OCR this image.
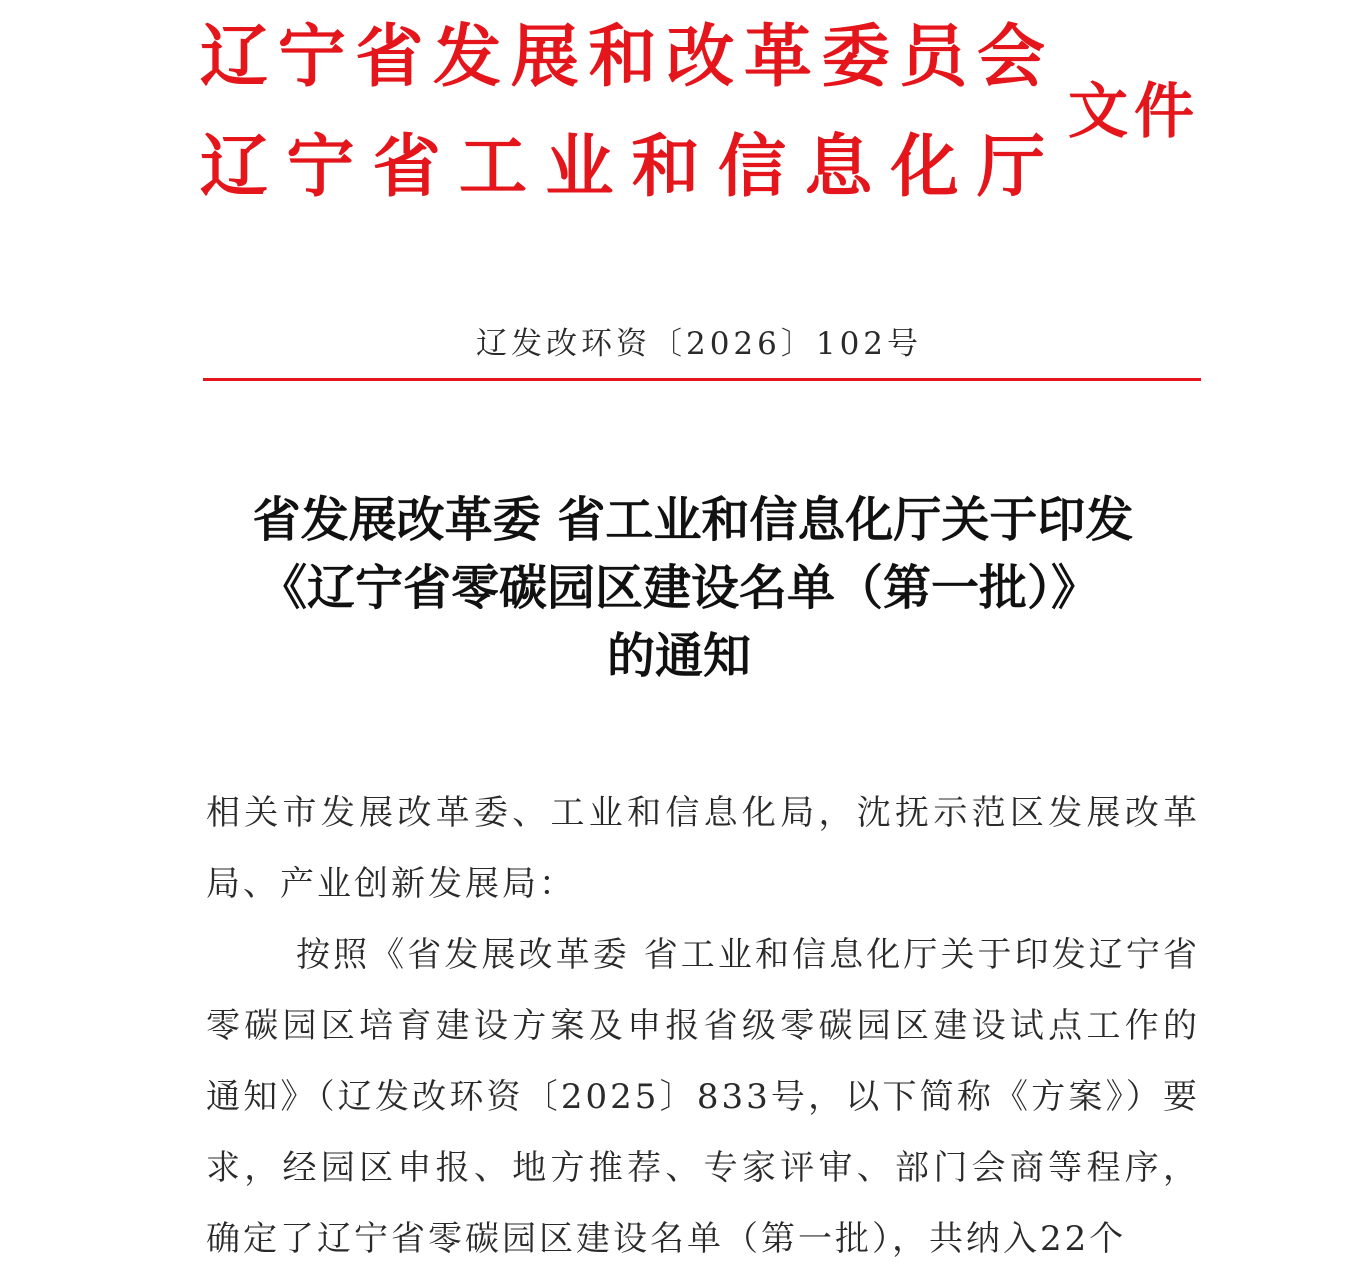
辽宁省发展和改革委员会
辽宁省工业和信息化厅
文件
辽发改环资〔2026〕102号
省发展改革委 省工业和信息化厅关于印发
《辽宁省零碳园区建设名单（第一批）》
的通知

相关市发展改革委、工业和信息化局，沈抚示范区发展改革局、产业创新发展局：

按照《省发展改革委 省工业和信息化厅关于印发辽宁省零碳园区培育建设方案及申报省级零碳园区建设试点工作的通知》（辽发改环资〔2025〕833号，以下简称《方案》）要求，经园区申报、地方推荐、专家评审、部门会商等程序，确定了辽宁省零碳园区建设名单（第一批），共纳入22个
